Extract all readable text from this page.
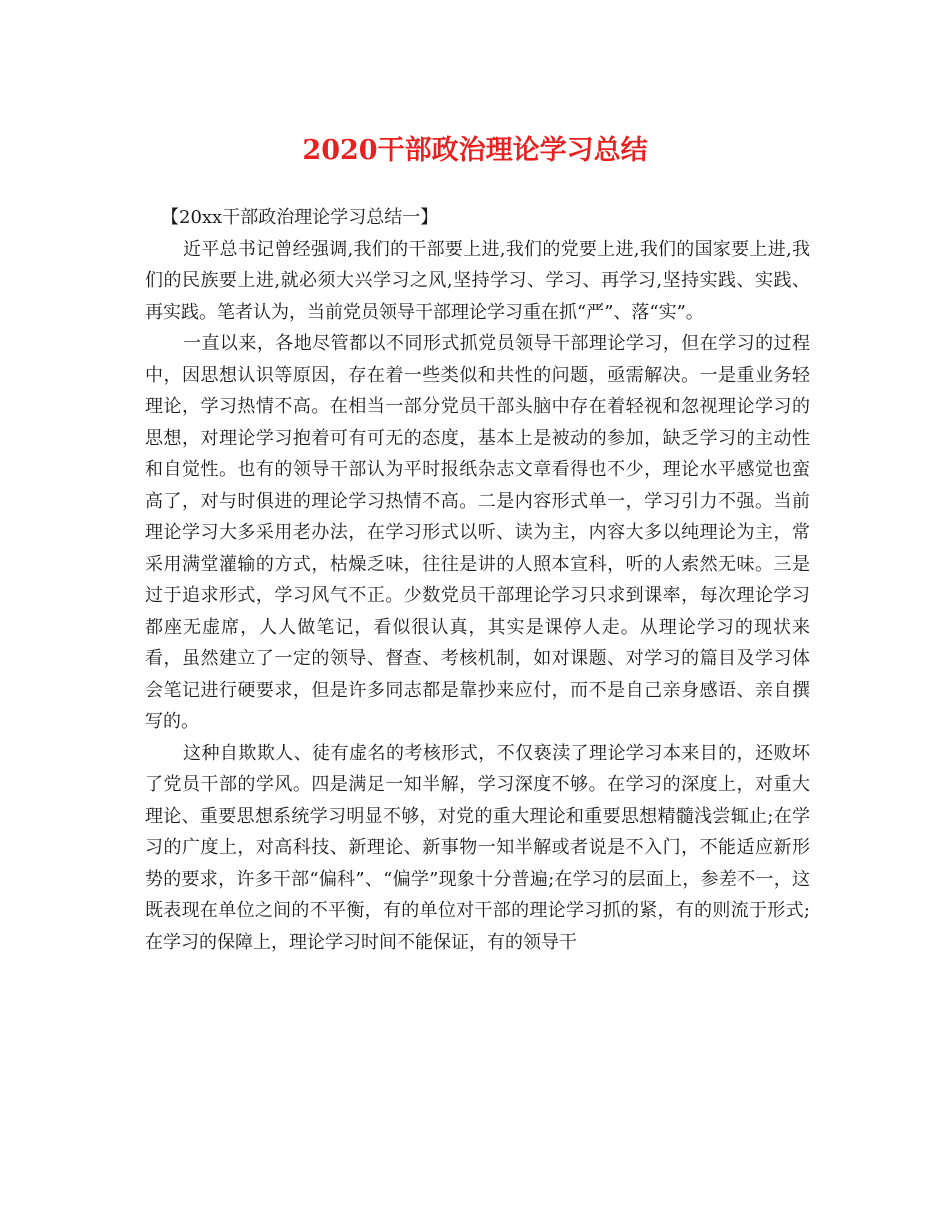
2020干部政治理论学习总结

【20xx干部政治理论学习总结一】

近平总书记曾经强调,我们的干部要上进,我们的党要上进,我们的国家要上进,我们的民族要上进,就必须大兴学习之风,坚持学习、学习、再学习,坚持实践、实践、再实践。笔者认为，当前党员领导干部理论学习重在抓“严”、落“实”。

一直以来，各地尽管都以不同形式抓党员领导干部理论学习，但在学习的过程中，因思想认识等原因，存在着一些类似和共性的问题，亟需解决。一是重业务轻理论，学习热情不高。在相当一部分党员干部头脑中存在着轻视和忽视理论学习的思想，对理论学习抱着可有可无的态度，基本上是被动的参加，缺乏学习的主动性和自觉性。也有的领导干部认为平时报纸杂志文章看得也不少，理论水平感觉也蛮高了，对与时俱进的理论学习热情不高。二是内容形式单一，学习引力不强。当前理论学习大多采用老办法，在学习形式以听、读为主，内容大多以纯理论为主，常采用满堂灌输的方式，枯燥乏味，往往是讲的人照本宣科，听的人索然无味。三是过于追求形式，学习风气不正。少数党员干部理论学习只求到课率，每次理论学习都座无虚席，人人做笔记，看似很认真，其实是课停人走。从理论学习的现状来看，虽然建立了一定的领导、督查、考核机制，如对课题、对学习的篇目及学习体会笔记进行硬要求，但是许多同志都是靠抄来应付，而不是自己亲身感语、亲自撰写的。

这种自欺欺人、徒有虚名的考核形式，不仅亵渎了理论学习本来目的，还败坏了党员干部的学风。四是满足一知半解，学习深度不够。在学习的深度上，对重大理论、重要思想系统学习明显不够，对党的重大理论和重要思想精髓浅尝辄止;在学习的广度上，对高科技、新理论、新事物一知半解或者说是不入门，不能适应新形势的要求，许多干部“偏科”、“偏学”现象十分普遍;在学习的层面上，参差不一，这既表现在单位之间的不平衡，有的单位对干部的理论学习抓的紧，有的则流于形式;在学习的保障上，理论学习时间不能保证，有的领导干
